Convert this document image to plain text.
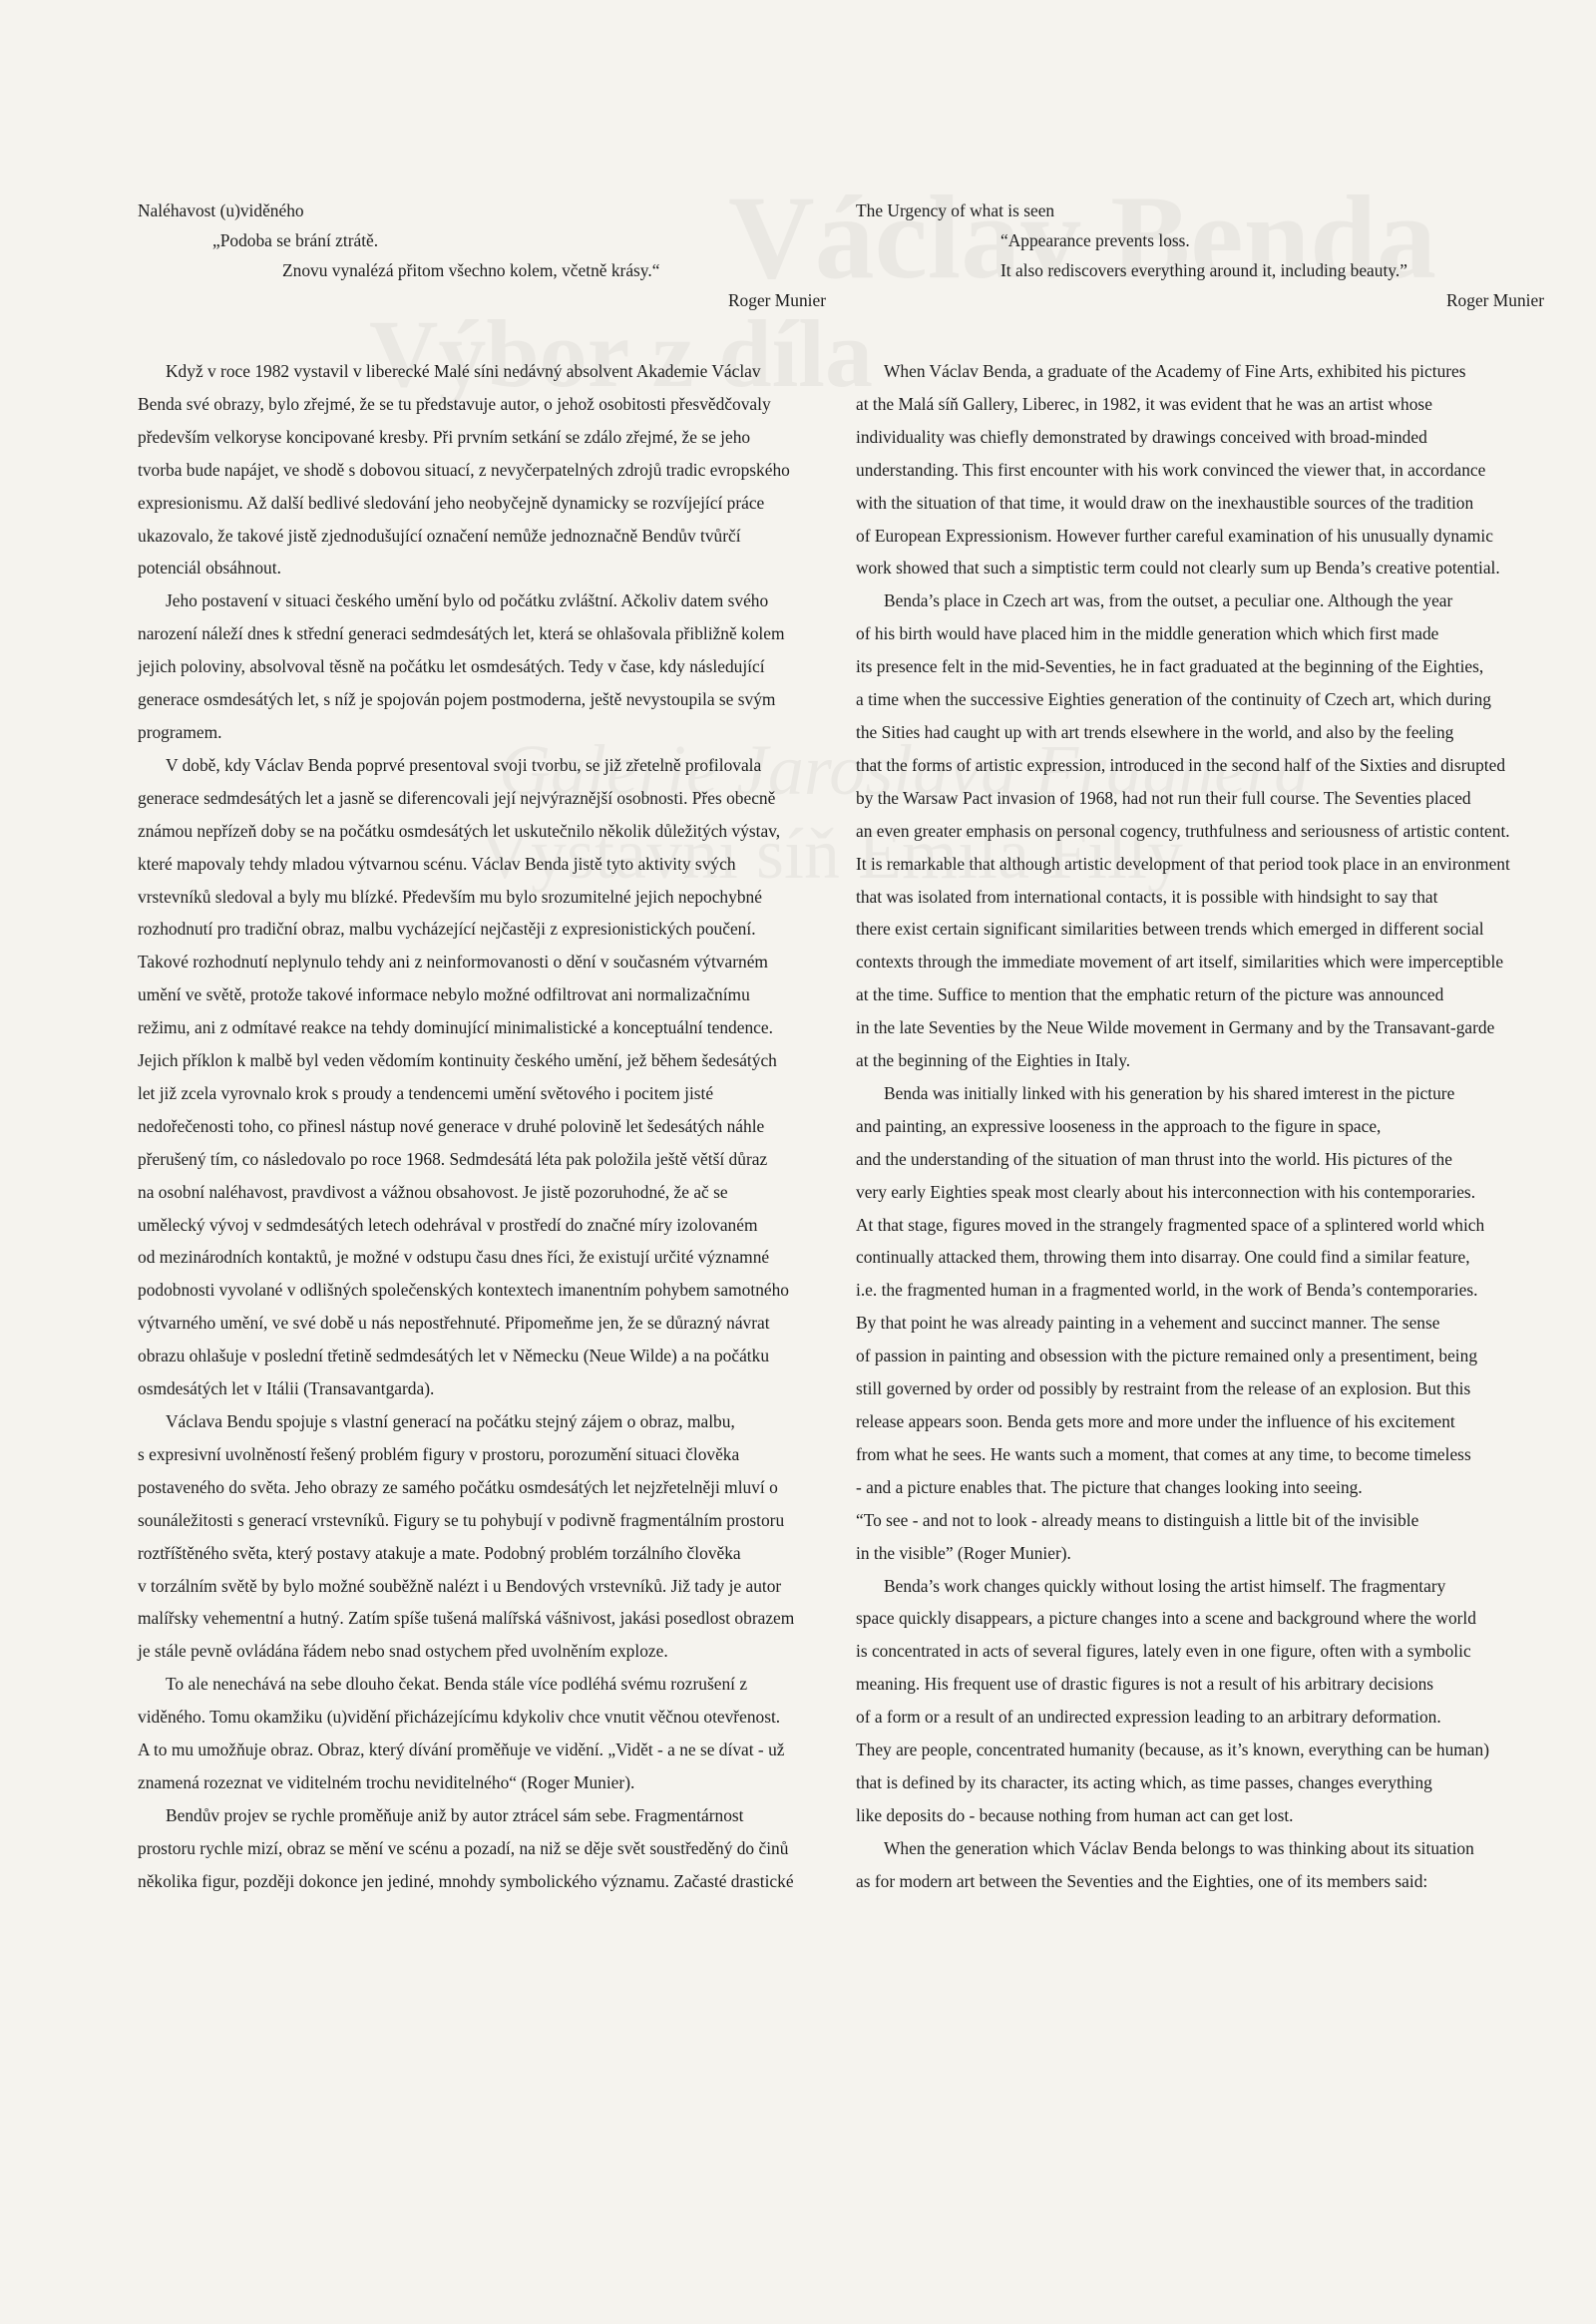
Naléhavost (u)viděného
„Podoba se brání ztrátě.
Znovu vynalézá přitom všechno kolem, včetně krásy.“
Roger Munier
Když v roce 1982 vystavil v liberecké Malé síni nedávný absolvent Akademie Václav
Benda své obrazy, bylo zřejmé, že se tu představuje autor, o jehož osobitosti přesvědčovaly
především velkoryse koncipované kresby. Při prvním setkání se zdálo zřejmé, že se jeho
tvorba bude napájet, ve shodě s dobovou situací, z nevyčerpatelných zdrojů tradic evropského
expresionismu. Až další bedlivé sledování jeho neobyčejně dynamicky se rozvíjející práce
ukazovalo, že takové jistě zjednodušující označení nemůže jednoznačně Bendův tvůrčí
potenciál obsáhnout.
Jeho postavení v situaci českého umění bylo od počátku zvláštní. Ačkoliv datem svého
narození náleží dnes k střední generaci sedmdesátých let, která se ohlašovala přibližně kolem
jejich poloviny, absolvoval těsně na počátku let osmdesátých. Tedy v čase, kdy následující
generace osmdesátých let, s níž je spojován pojem postmoderna, ještě nevystoupila se svým
programem.
V době, kdy Václav Benda poprvé presentoval svoji tvorbu, se již zřetelně profilovala
generace sedmdesátých let a jasně se diferencovali její nejvýraznější osobnosti. Přes obecně
známou nepřízeň doby se na počátku osmdesátých let uskutečnilo několik důležitých výstav,
které mapovaly tehdy mladou výtvarnou scénu. Václav Benda jistě tyto aktivity svých
vrstevníků sledoval a byly mu blízké. Především mu bylo srozumitelné jejich nepochybné
rozhodnutí pro tradiční obraz, malbu vycházející nejčastěji z expresionistických poučení.
Takové rozhodnutí neplynulo tehdy ani z neinformovanosti o dění v současném výtvarném
umění ve světě, protože takové informace nebylo možné odfiltrovat ani normalizačnímu
režimu, ani z odmítavé reakce na tehdy dominující minimalistické a konceptuální tendence.
Jejich příklon k malbě byl veden vědomím kontinuity českého umění, jež během šedesátých
let již zcela vyrovnalo krok s proudy a tendencemi umění světového i pocitem jisté
nedořečenosti toho, co přinesl nástup nové generace v druhé polovině let šedesátých náhle
přerušený tím, co následovalo po roce 1968. Sedmdesátá léta pak položila ještě větší důraz
na osobní naléhavost, pravdivost a vážnou obsahovost. Je jistě pozoruhodné, že ač se
umělecký vývoj v sedmdesátých letech odehrával v prostředí do značné míry izolovaném
od mezinárodních kontaktů, je možné v odstupu času dnes říci, že existují určité významné
podobnosti vyvolané v odlišných společenských kontextech imanentním pohybem samotného
výtvarného umění, ve své době u nás nepostřehnuté. Připomeňme jen, že se důrazný návrat
obrazu ohlašuje v poslední třetině sedmdesátých let v Německu (Neue Wilde) a na počátku
osmdesátých let v Itálii (Transavantgarda).
Václava Bendu spojuje s vlastní generací na počátku stejný zájem o obraz, malbu,
s expresivní uvolněností řešený problém figury v prostoru, porozumění situaci člověka
postaveného do světa. Jeho obrazy ze samého počátku osmdesátých let nejzřetelněji mluví o
sounáležitosti s generací vrstevníků. Figury se tu pohybují v podivně fragmentálním prostoru
roztříštěného světa, který postavy atakuje a mate. Podobný problém torzálního člověka
v torzálním světě by bylo možné souběžně nalézt i u Bendových vrstevníků. Již tady je autor
malířsky vehementní a hutný. Zatím spíše tušená malířská vášnivost, jakási posedlost obrazem
je stále pevně ovládána řádem nebo snad ostychem před uvolněním exploze.
To ale nenechává na sebe dlouho čekat. Benda stále více podléhá svému rozrušení z
viděného. Tomu okamžiku (u)vidění přicházejícímu kdykoliv chce vnutit věčnou otevřenost.
A to mu umožňuje obraz. Obraz, který dívání proměňuje ve vidění. „Vidět - a ne se dívat - už
znamená rozeznat ve viditelném trochu neviditelného“ (Roger Munier).
Bendův projev se rychle proměňuje aniž by autor ztrácel sám sebe. Fragmentárnost
prostoru rychle mizí, obraz se mění ve scénu a pozadí, na niž se děje svět soustředěný do činů
několika figur, později dokonce jen jediné, mnohdy symbolického významu. Začasté drastické
The Urgency of what is seen
“Appearance prevents loss.
It also rediscovers everything around it, including beauty.”
Roger Munier
When Václav Benda, a graduate of the Academy of Fine Arts, exhibited his pictures
at the Malá síň Gallery, Liberec, in 1982, it was evident that he was an artist whose
individuality was chiefly demonstrated by drawings conceived with broad-minded
understanding. This first encounter with his work convinced the viewer that, in accordance
with the situation of that time, it would draw on the inexhaustible sources of the tradition
of European Expressionism. However further careful examination of his unusually dynamic
work showed that such a simptistic term could not clearly sum up Benda’s creative potential.
Benda’s place in Czech art was, from the outset, a peculiar one. Although the year
of his birth would have placed him in the middle generation which which first made
its presence felt in the mid-Seventies, he in fact graduated at the beginning of the Eighties,
a time when the successive Eighties generation of the continuity of Czech art, which during
the Sities had caught up with art trends elsewhere in the world, and also by the feeling
that the forms of artistic expression, introduced in the second half of the Sixties and disrupted
by the Warsaw Pact invasion of 1968, had not run their full course. The Seventies placed
an even greater emphasis on personal cogency, truthfulness and seriousness of artistic content.
It is remarkable that although artistic development of that period took place in an environment
that was isolated from international contacts, it is possible with hindsight to say that
there exist certain significant similarities between trends which emerged in different social
contexts through the immediate movement of art itself, similarities which were imperceptible
at the time. Suffice to mention that the emphatic return of the picture was announced
in the late Seventies by the Neue Wilde movement in Germany and by the Transavant-garde
at the beginning of the Eighties in Italy.
Benda was initially linked with his generation by his shared imterest in the picture
and painting, an expressive looseness in the approach to the figure in space,
and the understanding of the situation of man thrust into the world. His pictures of the
very early Eighties speak most clearly about his interconnection with his contemporaries.
At that stage, figures moved in the strangely fragmented space of a splintered world which
continually attacked them, throwing them into disarray. One could find a similar feature,
i.e. the fragmented human in a fragmented world, in the work of Benda’s contemporaries.
By that point he was already painting in a vehement and succinct manner. The sense
of passion in painting and obsession with the picture remained only a presentiment, being
still governed by order od possibly by restraint from the release of an explosion. But this
release appears soon. Benda gets more and more under the influence of his excitement
from what he sees. He wants such a moment, that comes at any time, to become timeless
- and a picture enables that. The picture that changes looking into seeing.
“To see - and not to look - already means to distinguish a little bit of the invisible
in the visible” (Roger Munier).
Benda’s work changes quickly without losing the artist himself. The fragmentary
space quickly disappears, a picture changes into a scene and background where the world
is concentrated in acts of several figures, lately even in one figure, often with a symbolic
meaning. His frequent use of drastic figures is not a result of his arbitrary decisions
of a form or a result of an undirected expression leading to an arbitrary deformation.
They are people, concentrated humanity (because, as it’s known, everything can be human)
that is defined by its character, its acting which, as time passes, changes everything
like deposits do - because nothing from human act can get lost.
When the generation which Václav Benda belongs to was thinking about its situation
as for modern art between the Seventies and the Eighties, one of its members said:
